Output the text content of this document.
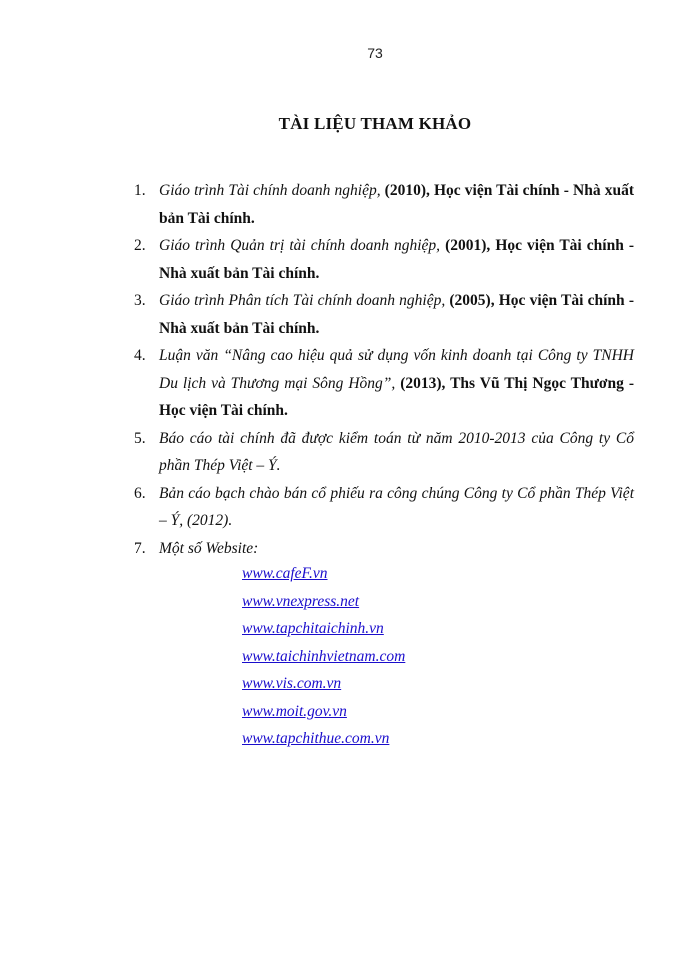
73
TÀI LIỆU THAM KHẢO
1. Giáo trình Tài chính doanh nghiệp, (2010), Học viện Tài chính - Nhà xuất bản Tài chính.
2. Giáo trình Quản trị tài chính doanh nghiệp, (2001), Học viện Tài chính - Nhà xuất bản Tài chính.
3. Giáo trình Phân tích Tài chính doanh nghiệp, (2005), Học viện Tài chính - Nhà xuất bản Tài chính.
4. Luận văn “Nâng cao hiệu quả sử dụng vốn kinh doanh tại Công ty TNHH Du lịch và Thương mại Sông Hồng”, (2013), Ths Vũ Thị Ngọc Thương -Học viện Tài chính.
5. Báo cáo tài chính đã được kiểm toán từ năm 2010-2013 của Công ty Cổ phần Thép Việt – Ý.
6. Bản cáo bạch chào bán cổ phiếu ra công chúng Công ty Cổ phần Thép Việt – Ý, (2012).
7. Một số Website:
www.cafeF.vn
www.vnexpress.net
www.tapchitaichinh.vn
www.taichinhvietnam.com
www.vis.com.vn
www.moit.gov.vn
www.tapchithue.com.vn
